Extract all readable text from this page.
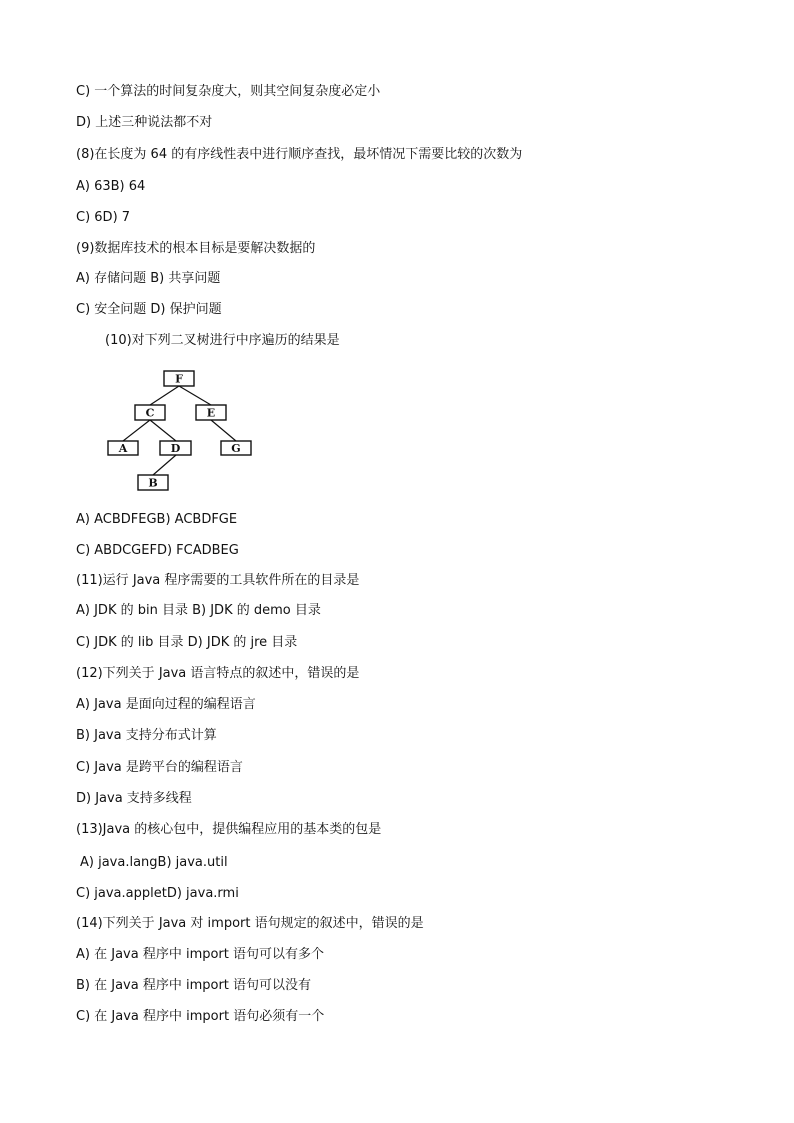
C) 一个算法的时间复杂度大，则其空间复杂度必定小
D) 上述三种说法都不对
(8)在长度为 64 的有序线性表中进行顺序查找，最坏情况下需要比较的次数为
A) 63B) 64
C) 6D) 7
(9)数据库技术的根本目标是要解决数据的
A) 存储问题 B) 共享问题
C) 安全问题 D) 保护问题
(10)对下列二叉树进行中序遍历的结果是
F
C	E
A	D	G
B
A) ACBDFEGB) ACBDFGE
C) ABDCGEFD) FCADBEG
(11)运行 Java 程序需要的工具软件所在的目录是
A) JDK 的 bin 目录 B) JDK 的 demo 目录
C) JDK 的 lib 目录 D) JDK 的 jre 目录
(12)下列关于 Java 语言特点的叙述中，错误的是
A) Java 是面向过程的编程语言
B) Java 支持分布式计算
C) Java 是跨平台的编程语言
D) Java 支持多线程
(13)Java 的核心包中，提供编程应用的基本类的包是
A) java.langB) java.util
C) java.appletD) java.rmi
(14)下列关于 Java 对 import 语句规定的叙述中，错误的是
A) 在 Java 程序中 import 语句可以有多个
B) 在 Java 程序中 import 语句可以没有
C) 在 Java 程序中 import 语句必须有一个
